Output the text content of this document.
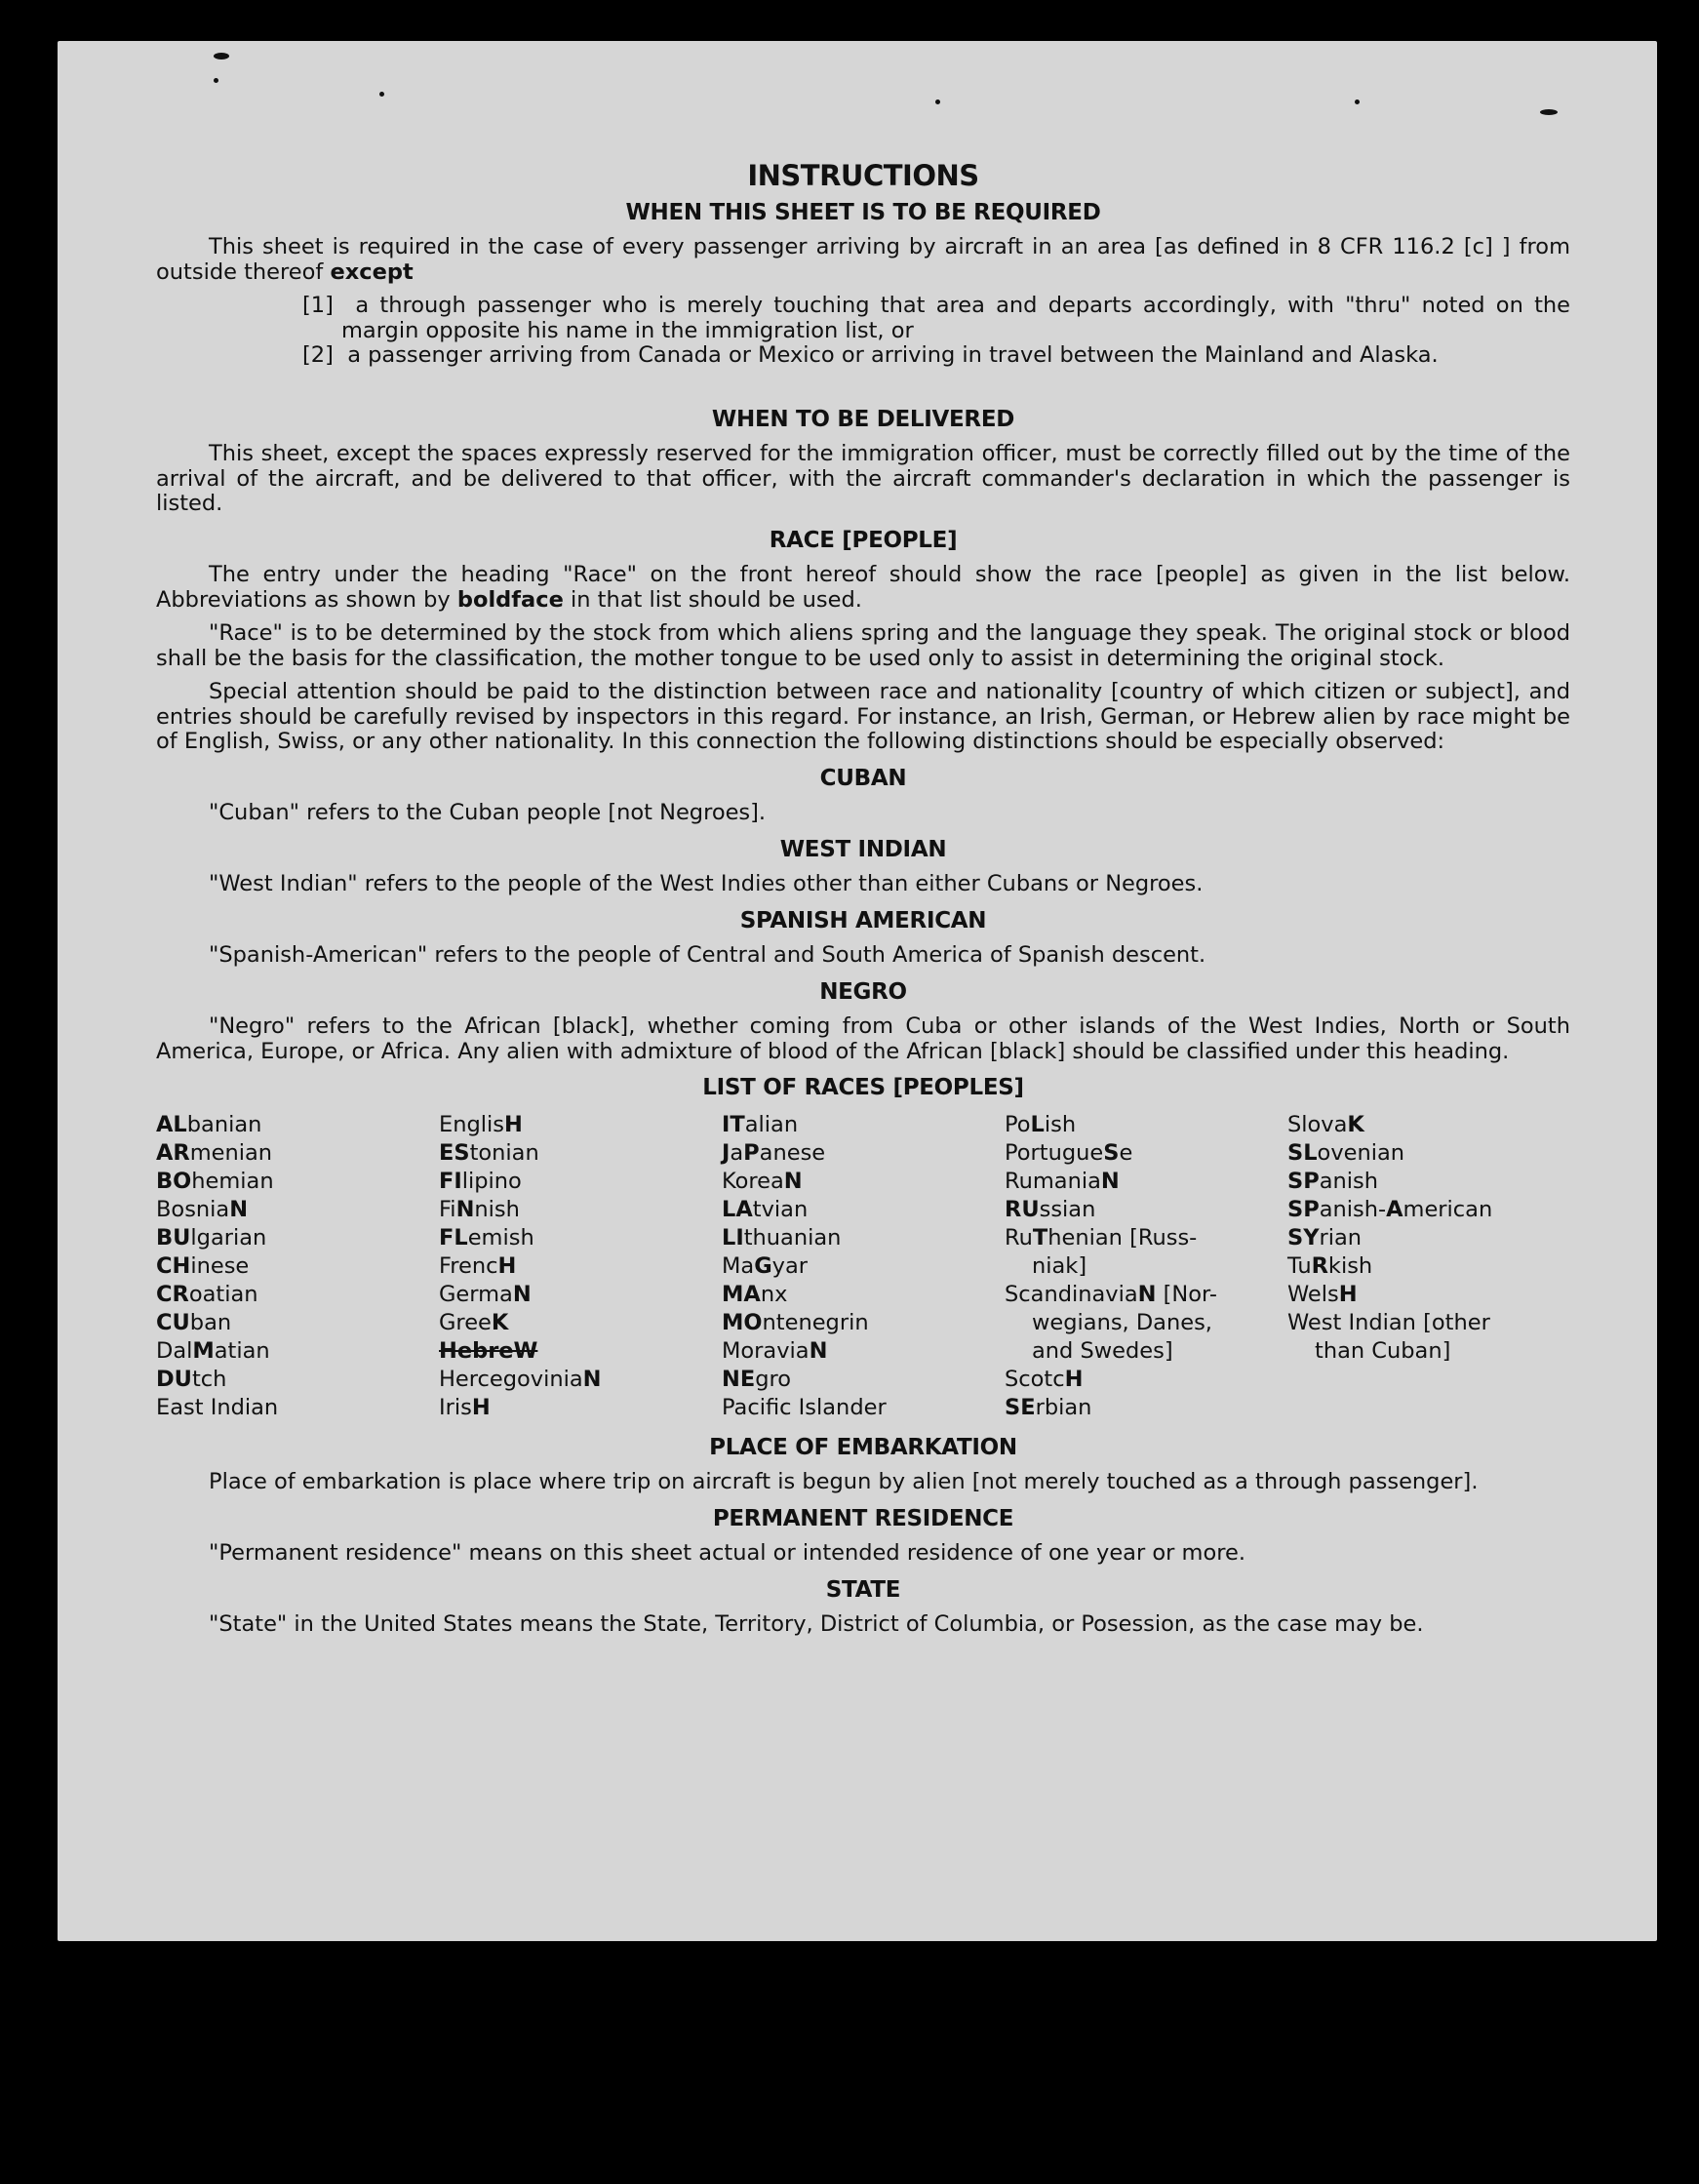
INSTRUCTIONS
WHEN THIS SHEET IS TO BE REQUIRED

This sheet is required in the case of every passenger arriving by aircraft in an area [as defined in 8 CFR 116.2 [c] ] from outside thereof except

[1] a through passenger who is merely touching that area and departs accordingly, with "thru" noted on the margin opposite his name in the immigration list, or

[2] a passenger arriving from Canada or Mexico or arriving in travel between the Mainland and Alaska.

WHEN TO BE DELIVERED

This sheet, except the spaces expressly reserved for the immigration officer, must be correctly filled out by the time of the arrival of the aircraft, and be delivered to that officer, with the aircraft commander's declaration in which the passenger is listed.

RACE [PEOPLE]

The entry under the heading "Race" on the front hereof should show the race [people] as given in the list below. Abbreviations as shown by boldface in that list should be used.

"Race" is to be determined by the stock from which aliens spring and the language they speak. The original stock or blood shall be the basis for the classification, the mother tongue to be used only to assist in determining the original stock.

Special attention should be paid to the distinction between race and nationality [country of which citizen or subject], and entries should be carefully revised by inspectors in this regard. For instance, an Irish, German, or Hebrew alien by race might be of English, Swiss, or any other nationality. In this connection the following distinctions should be especially observed:

CUBAN

"Cuban" refers to the Cuban people [not Negroes].

WEST INDIAN

"West Indian" refers to the people of the West Indies other than either Cubans or Negroes.

SPANISH AMERICAN

"Spanish-American" refers to the people of Central and South America of Spanish descent.

NEGRO

"Negro" refers to the African [black], whether coming from Cuba or other islands of the West Indies, North or South America, Europe, or Africa. Any alien with admixture of blood of the African [black] should be classified under this heading.

LIST OF RACES [PEOPLES]
ALbanian
ARmenian
BOhemian
BosniaN
BUlgarian
CHinese
CRoatian
CUban
DalMatian
DUtch
East Indian
EnglisH
EStonian
FIlipino
FiNnish
FLemish
FrencH
GermaN
GreeK
HebreW
HercegoviniaN
IrisH
ITalian
JaPanese
KoreaN
LAtvian
LIthuanian
MaGyar
MAnx
MOntenegrin
MoraviaN
NEgro
Pacific Islander
PoLish
PortugueSe
RumaniaN
RUssian
RuThenian [Russ-
niak]
ScandinaviaN [Nor-
wegians, Danes,
and Swedes]
ScotcH
SErbian
SlovaK
SLovenian
SPanish
SPanish-American
SYrian
TuRkish
WelsH
West Indian [other
than Cuban]
PLACE OF EMBARKATION

Place of embarkation is place where trip on aircraft is begun by alien [not merely touched as a through passenger].

PERMANENT RESIDENCE

"Permanent residence" means on this sheet actual or intended residence of one year or more.

STATE

"State" in the United States means the State, Territory, District of Columbia, or Posession, as the case may be.
